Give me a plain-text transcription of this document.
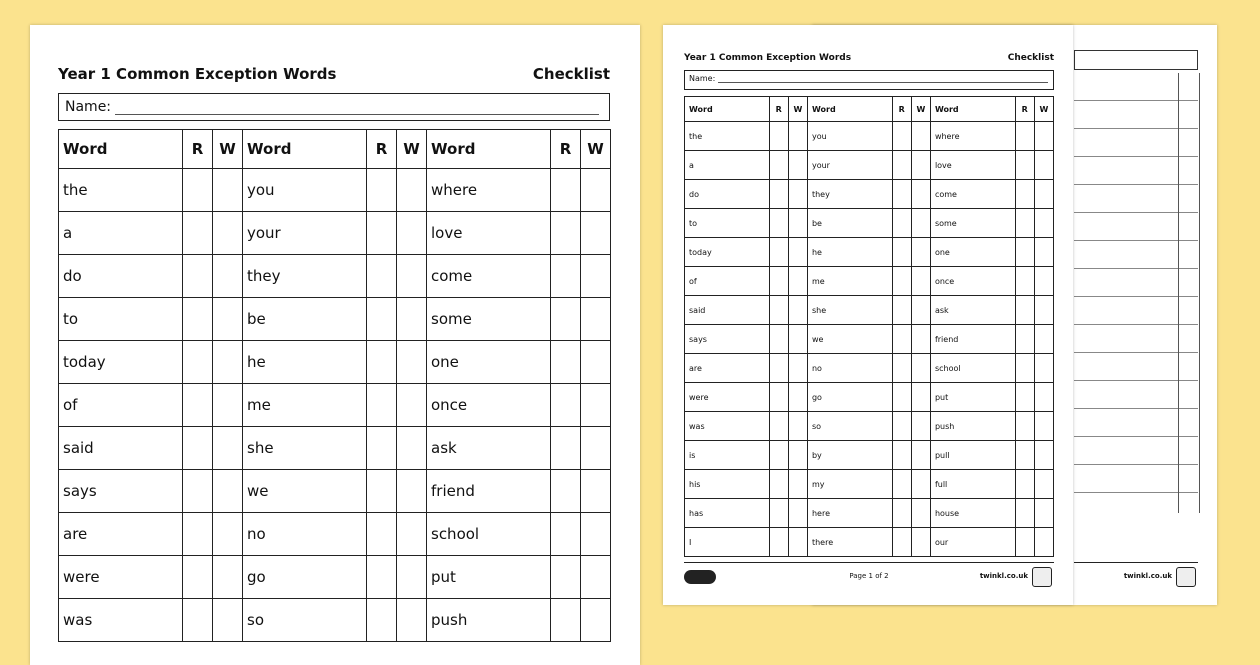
twinkl.co.uk
Year 1 Common Exception Words	Checklist
Name:
Word	R	W	Word	R	W	Word	R	W
the			you			where		
a			your			love		
do			they			come		
to			be			some		
today			he			one		
of			me			once		
said			she			ask		
says			we			friend		
are			no			school		
were			go			put		
was			so			push		
Year 1 Common Exception Words	Checklist
Name:
Word	R	W	Word	R	W	Word	R	W
the			you			where		
a			your			love		
do			they			come		
to			be			some		
today			he			one		
of			me			once		
said			she			ask		
says			we			friend		
are			no			school		
were			go			put		
was			so			push		
is			by			pull		
his			my			full		
has			here			house		
I			there			our		
Page 1 of 2	twinkl.co.uk
